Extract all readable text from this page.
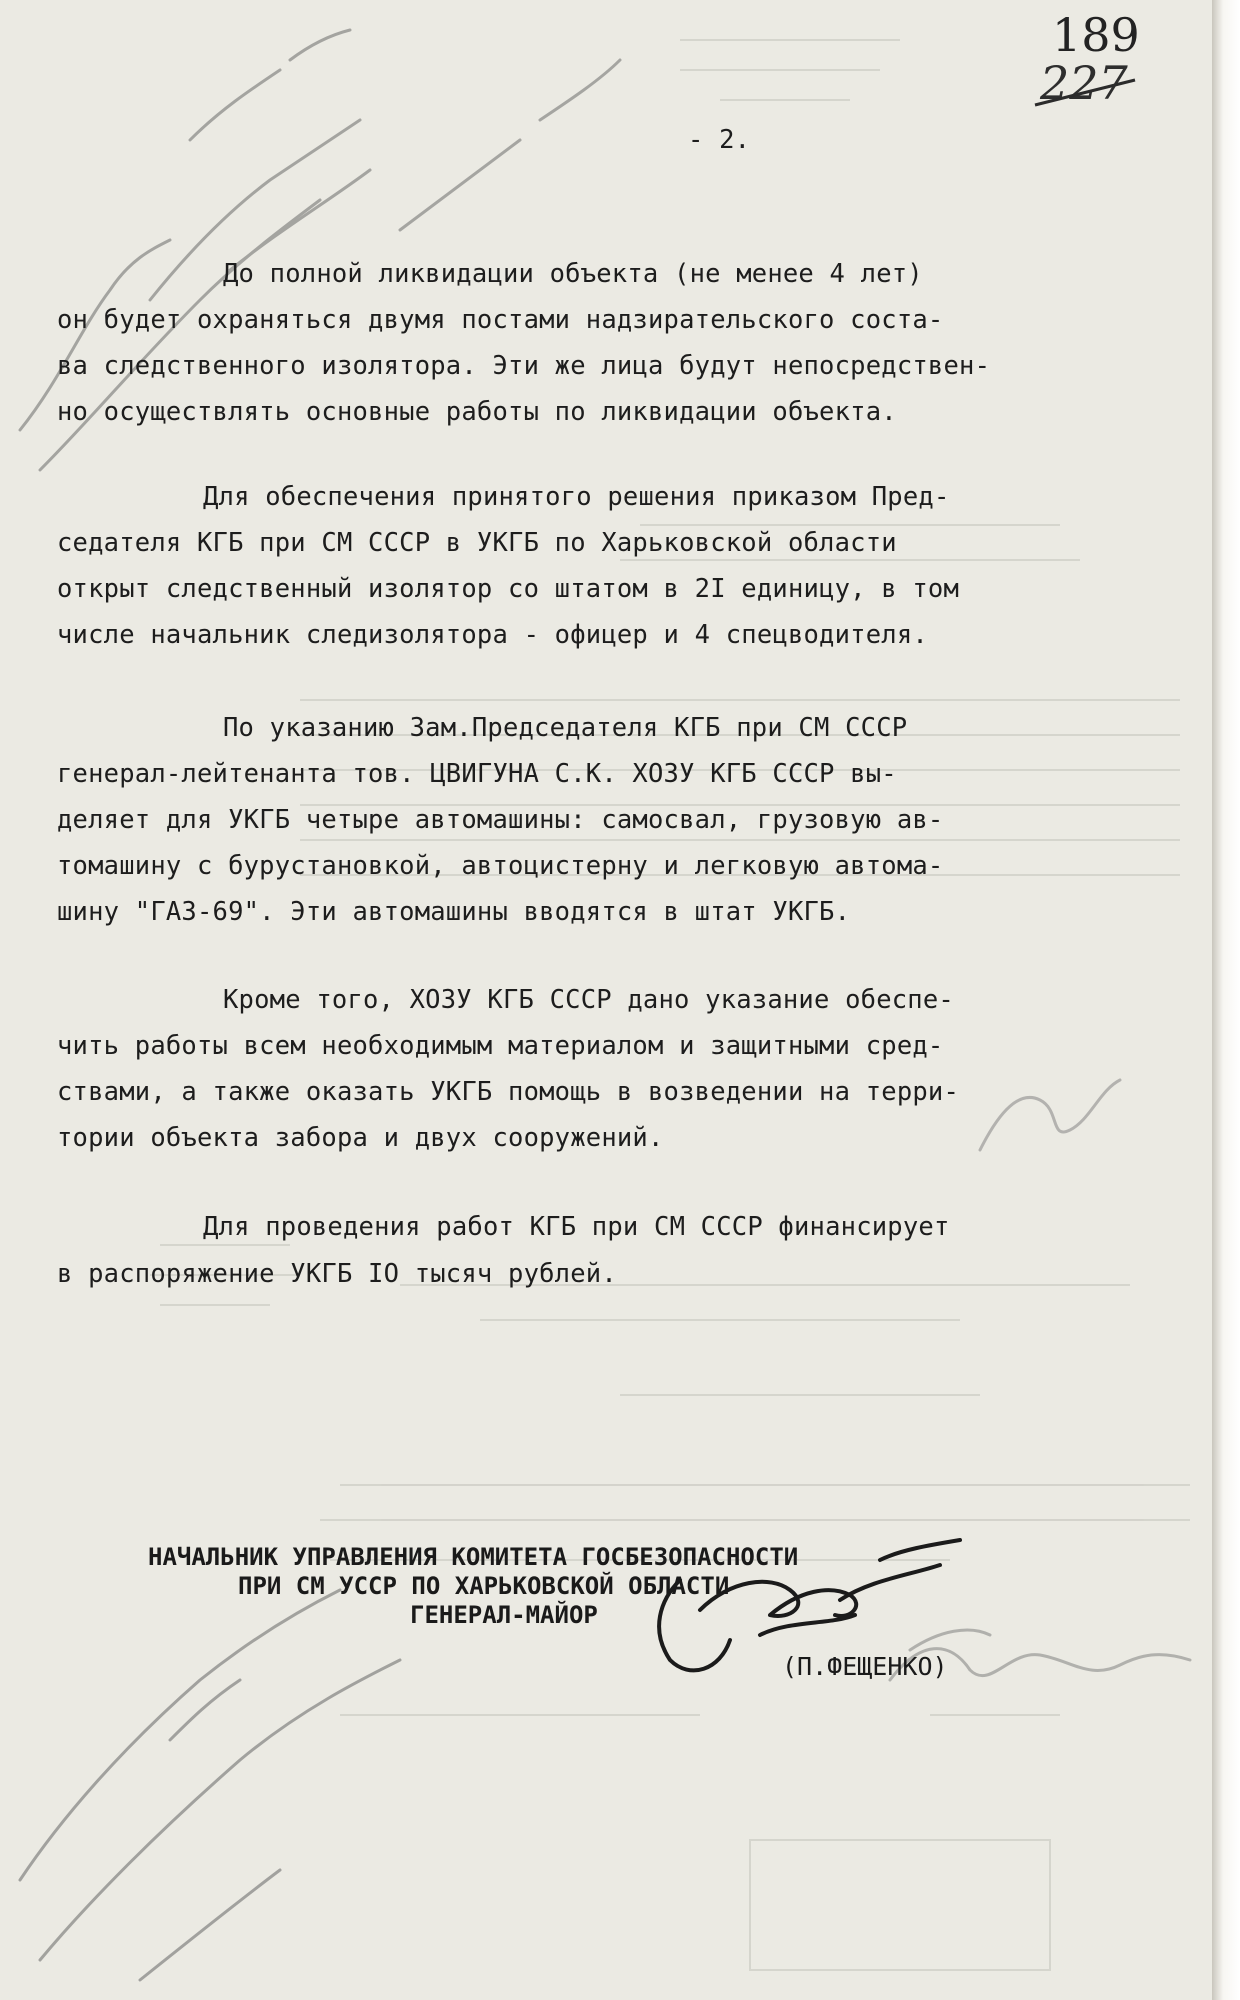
189
227
- 2.
До полной ликвидации объекта (не менее 4 лет)
он будет охраняться двумя постами надзирательского соста-
ва следственного изолятора. Эти же лица будут непосредствен-
но осуществлять основные работы по ликвидации объекта.
Для обеспечения принятого решения приказом Пред-
седателя КГБ при СМ СССР в УКГБ по Харьковской области
открыт следственный изолятор со штатом в 2I единицу, в том
числе начальник следизолятора - офицер и 4 спецводителя.
По указанию Зам.Председателя КГБ при СМ СССР
генерал-лейтенанта тов. ЦВИГУНА С.К. ХОЗУ КГБ СССР вы-
деляет для УКГБ четыре автомашины: самосвал, грузовую ав-
томашину с бурустановкой, автоцистерну и легковую автома-
шину "ГАЗ-69". Эти автомашины вводятся в штат УКГБ.
Кроме того, ХОЗУ КГБ СССР дано указание обеспе-
чить работы всем необходимым материалом и защитными сред-
ствами, а также оказать УКГБ помощь в возведении на терри-
тории объекта забора и двух сооружений.
Для проведения работ КГБ при СМ СССР финансирует
в распоряжение УКГБ IO тысяч рублей.
НАЧАЛЬНИК УПРАВЛЕНИЯ КОМИТЕТА ГОСБЕЗОПАСНОСТИ
ПРИ СМ УССР ПО ХАРЬКОВСКОЙ ОБЛАСТИ
ГЕНЕРАЛ-МАЙОР
(П.ФЕЩЕНКО)
